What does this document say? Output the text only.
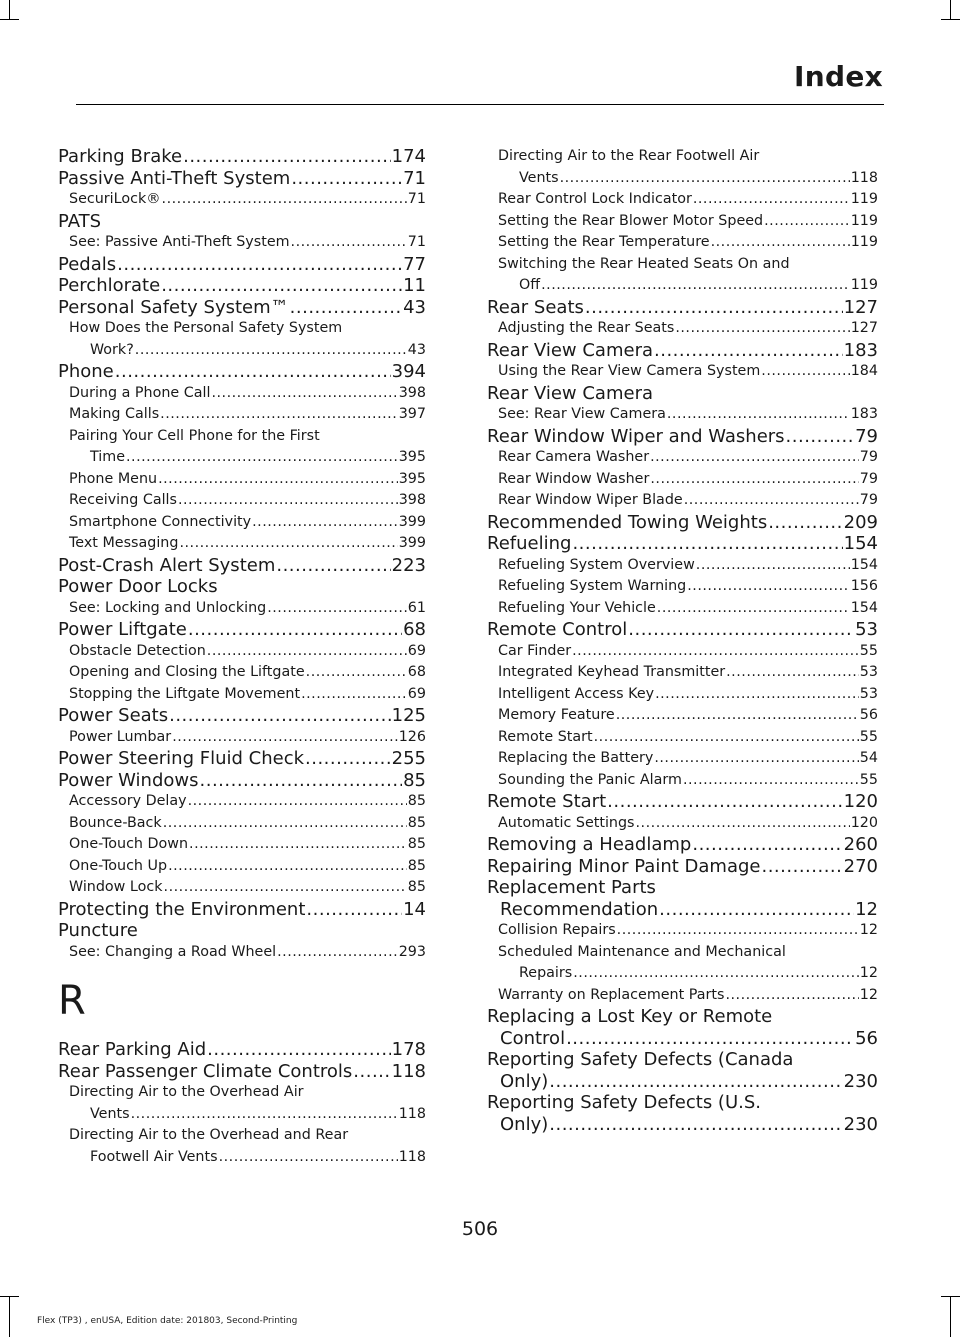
Index
Parking Brake .....	174
Passive Anti-Theft System .....	71
SecuriLock® .....	71
PATS
See: Passive Anti-Theft System .....	71
Pedals .....	77
Perchlorate .....	11
Personal Safety System™ .....	43
How Does the Personal Safety System
Work? .....	43
Phone .....	394
During a Phone Call .....	398
Making Calls .....	397
Pairing Your Cell Phone for the First
Time .....	395
Phone Menu .....	395
Receiving Calls .....	398
Smartphone Connectivity .....	399
Text Messaging .....	399
Post-Crash Alert System .....	223
Power Door Locks
See: Locking and Unlocking .....	61
Power Liftgate .....	68
Obstacle Detection .....	69
Opening and Closing the Liftgate .....	68
Stopping the Liftgate Movement .....	69
Power Seats .....	125
Power Lumbar .....	126
Power Steering Fluid Check .....	255
Power Windows .....	85
Accessory Delay .....	85
Bounce-Back .....	85
One-Touch Down .....	85
One-Touch Up .....	85
Window Lock .....	85
Protecting the Environment .....	14
Puncture
See: Changing a Road Wheel .....	293
R
Rear Parking Aid .....	178
Rear Passenger Climate Controls ..... 118
Directing Air to the Overhead Air
Vents .....	118
Directing Air to the Overhead and Rear
Footwell Air Vents .....	118
Directing Air to the Rear Footwell Air
Vents .....	118
Rear Control Lock Indicator .....	119
Setting the Rear Blower Motor Speed .....	119
Setting the Rear Temperature .....	119
Switching the Rear Heated Seats On and
Off .....	119
Rear Seats .....	127
Adjusting the Rear Seats .....	127
Rear View Camera .....	183
Using the Rear View Camera System .....	184
Rear View Camera
See: Rear View Camera .....	183
Rear Window Wiper and Washers .....	79
Rear Camera Washer .....	79
Rear Window Washer .....	79
Rear Window Wiper Blade .....	79
Recommended Towing Weights .....	209
Refueling .....	154
Refueling System Overview .....	154
Refueling System Warning .....	156
Refueling Your Vehicle .....	154
Remote Control .....	53
Car Finder .....	55
Integrated Keyhead Transmitter .....	53
Intelligent Access Key .....	53
Memory Feature .....	56
Remote Start .....	55
Replacing the Battery .....	54
Sounding the Panic Alarm .....	55
Remote Start .....	120
Automatic Settings .....	120
Removing a Headlamp .....	260
Repairing Minor Paint Damage .....	270
Replacement Parts
Recommendation .....	12
Collision Repairs .....	12
Scheduled Maintenance and Mechanical
Repairs .....	12
Warranty on Replacement Parts .....	12
Replacing a Lost Key or Remote
Control .....	56
Reporting Safety Defects (Canada
Only) .....	230
Reporting Safety Defects (U.S.
Only) .....	230
506
Flex (TP3) , enUSA, Edition date: 201803, Second-Printing
